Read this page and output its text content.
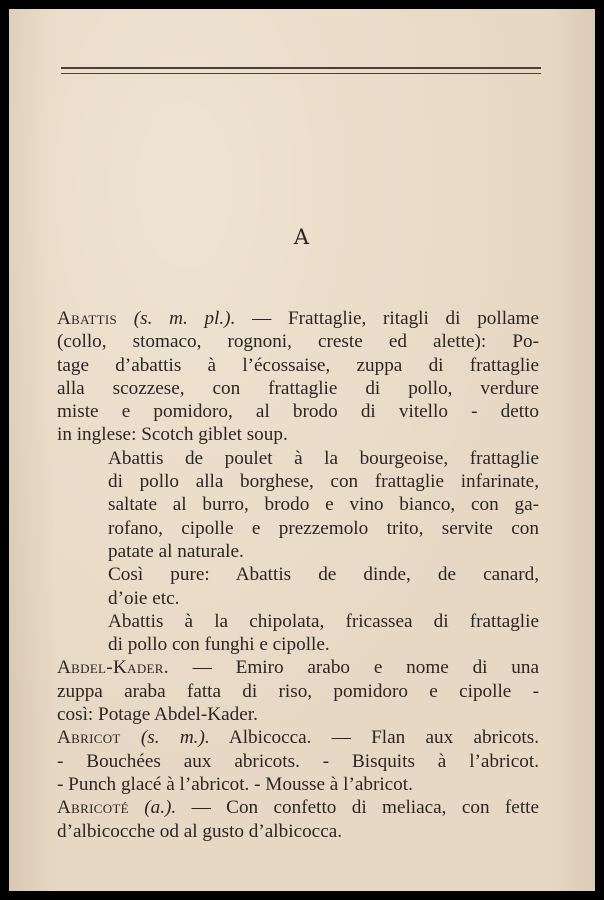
A

Abattis (s. m. pl.). — Frattaglie, ritagli di pollame
(collo, stomaco, rognoni, creste ed alette): Po-
tage d’abattis à l’écossaise, zuppa di frattaglie
alla scozzese, con frattaglie di pollo, verdure
miste e pomidoro, al brodo di vitello - detto
in inglese: Scotch giblet soup.

Abattis de poulet à la bourgeoise, frattaglie
di pollo alla borghese, con frattaglie infarinate,
saltate al burro, brodo e vino bianco, con ga-
rofano, cipolle e prezzemolo trito, servite con
patate al naturale.

Così pure: Abattis de dinde, de canard,
d’oie etc.

Abattis à la chipolata, fricassea di frattaglie
di pollo con funghi e cipolle.

Abdel-Kader. — Emiro arabo e nome di una
zuppa araba fatta di riso, pomidoro e cipolle -
così: Potage Abdel-Kader.

Abricot (s. m.). Albicocca. — Flan aux abricots.
- Bouchées aux abricots. - Bisquits à l’abricot.
- Punch glacé à l’abricot. - Mousse à l’abricot.

Abricoté (a.). — Con confetto di meliaca, con fette
d’albicocche od al gusto d’albicocca.
